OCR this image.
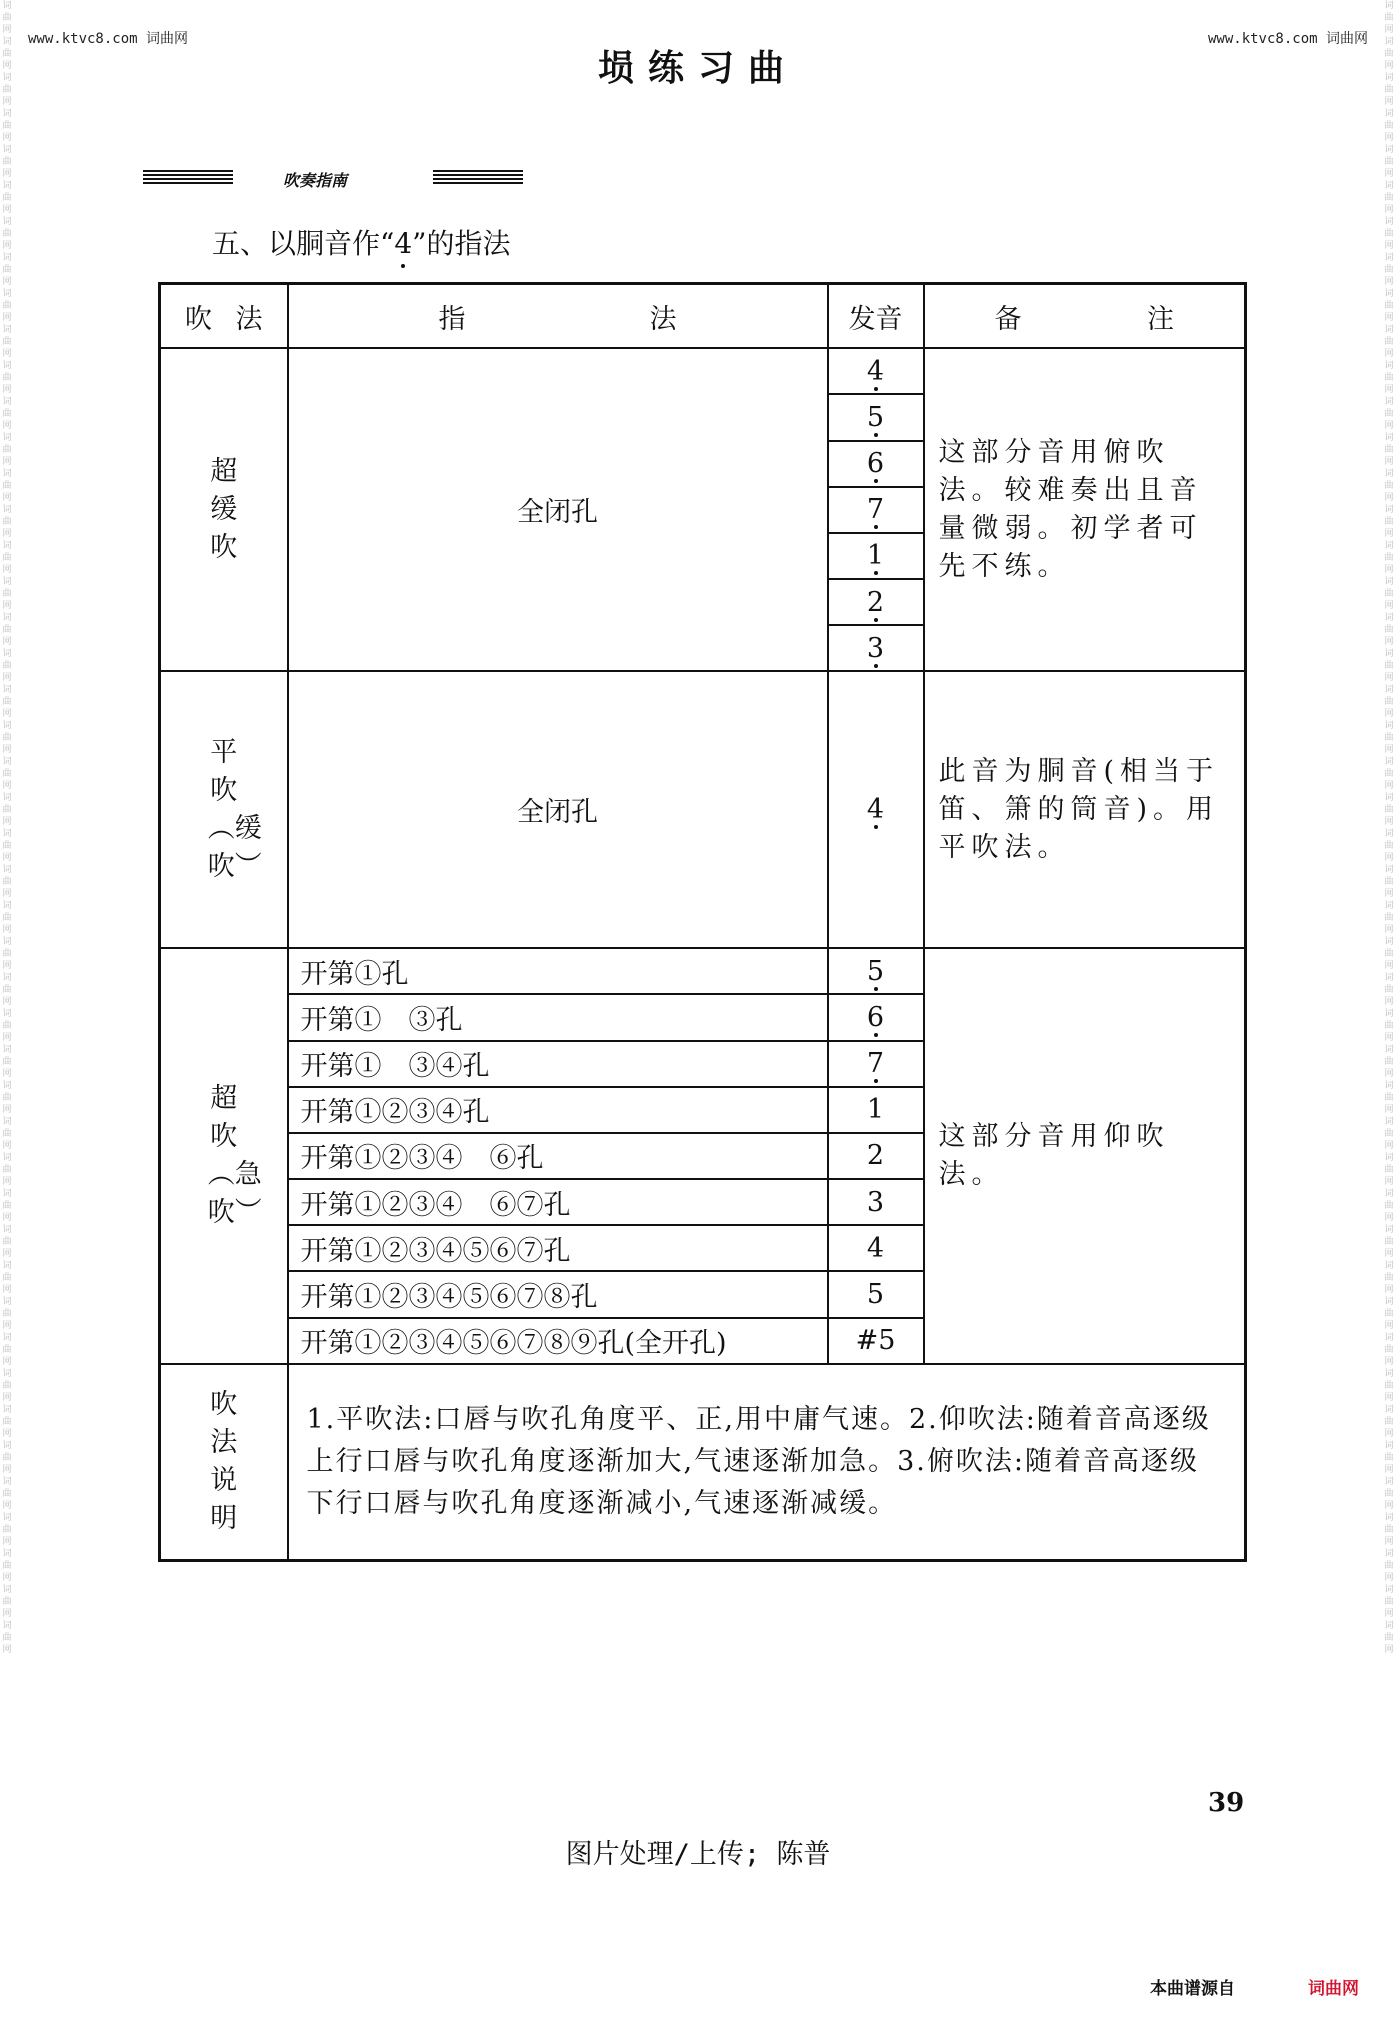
词曲网词曲网词曲网词曲网词曲网词曲网词曲网词曲网词曲网词曲网词曲网词曲网词曲网词曲网词曲网词曲网词曲网词曲网词曲网词曲网词曲网词曲网词曲网词曲网词曲网词曲网词曲网词曲网词曲网词曲网词曲网词曲网词曲网词曲网词曲网词曲网词曲网词曲网词曲网词曲网词曲网词曲网词曲网词曲网词曲网词曲网
词曲网词曲网词曲网词曲网词曲网词曲网词曲网词曲网词曲网词曲网词曲网词曲网词曲网词曲网词曲网词曲网词曲网词曲网词曲网词曲网词曲网词曲网词曲网词曲网词曲网词曲网词曲网词曲网词曲网词曲网词曲网词曲网词曲网词曲网词曲网词曲网词曲网词曲网词曲网词曲网词曲网词曲网词曲网词曲网词曲网词曲网
www.ktvc8.com 词曲网	www.ktvc8.com 词曲网
埙练习曲
吹奏指南
五、以胴音作“4”的指法
吹 法	指 法	发音	备 注

超缓吹	全闭孔	4	这部分音用俯吹法。较难奏出且音量微弱。初学者可先不练。
		5	
		6	
		7	
		1	
		2	
		3	
平吹︵缓吹︶	全闭孔	4	此音为胴音(相当于笛、箫的筒音)。用平吹法。
超吹︵急吹︶	开第①孔	5	这部分音用仰吹法。
	开第①　③孔	6	
	开第①　③④孔	7	
	开第①②③④孔	1	
	开第①②③④　⑥孔	2	
	开第①②③④　⑥⑦孔	3	
	开第①②③④⑤⑥⑦孔	4	
	开第①②③④⑤⑥⑦⑧孔	5	
	开第①②③④⑤⑥⑦⑧⑨孔(全开孔)	#5	
吹法说明	1.平吹法:口唇与吹孔角度平、正,用中庸气速。2.仰吹法:随着音高逐级上行口唇与吹孔角度逐渐加大,气速逐渐加急。3.俯吹法:随着音高逐级下行口唇与吹孔角度逐渐减小,气速逐渐减缓。		
39
图片处理/上传; 陈普
本曲谱源自	词曲网
